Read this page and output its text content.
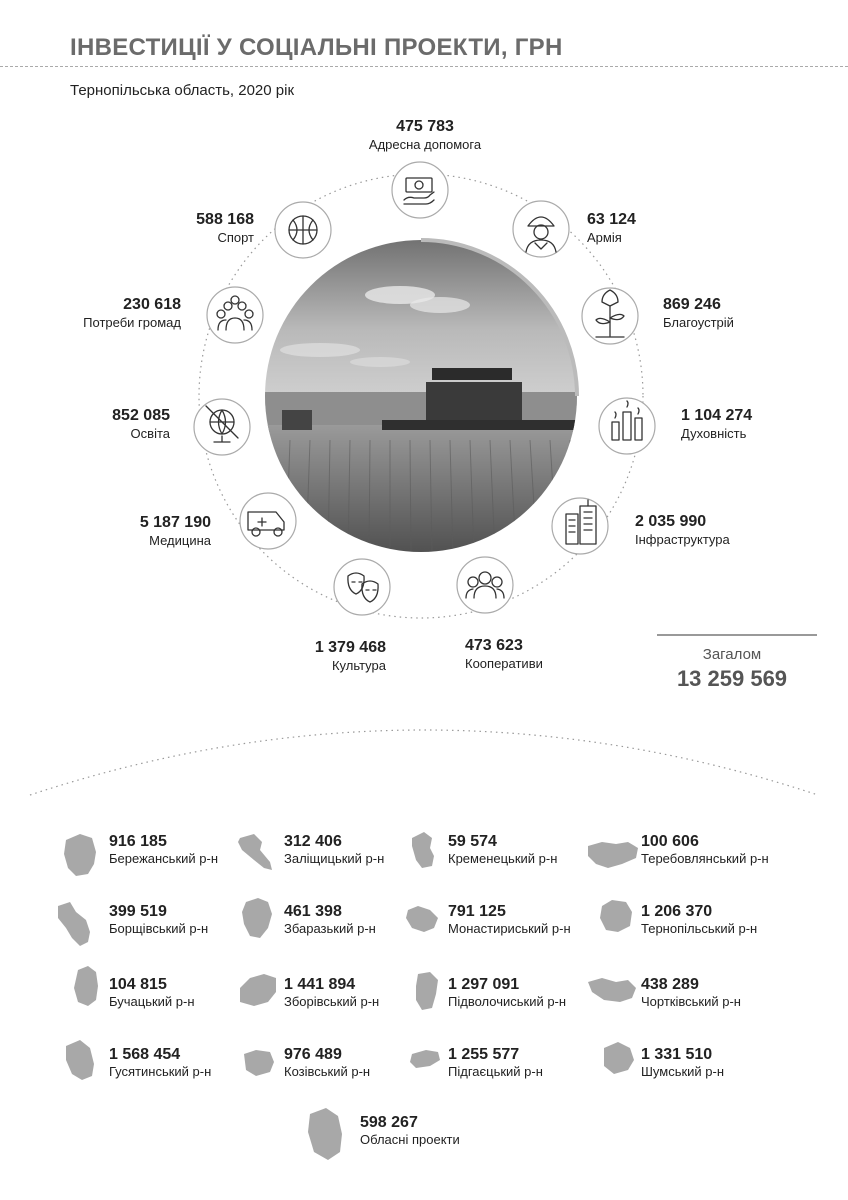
ІНВЕСТИЦІЇ У СОЦІАЛЬНІ ПРОЕКТИ, ГРН
Тернопільська область, 2020 рік
475 783
Адресна допомога
63 124
Армія
869 246
Благоустрій
1 104 274
Духовність
2 035 990
Інфраструктура
473 623
Кооперативи
1 379 468
Культура
5 187 190
Медицина
852 085
Освіта
230 618
Потреби громад
588 168
Спорт
Загалом
13 259 569
916 185
Бережанський р-н
312 406
Заліщицький р-н
59 574
Кременецький р-н
100 606
Теребовлянський р-н
399 519
Борщівський р-н
461 398
Збаразький р-н
791 125
Монастириський р-н
1 206 370
Тернопільський р-н
104 815
Бучацький р-н
1 441 894
Зборівський р-н
1 297 091
Підволочиський р-н
438 289
Чортківський р-н
1 568 454
Гусятинський р-н
976 489
Козівський р-н
1 255 577
Підгаєцький р-н
1 331 510
Шумський р-н
598 267
Обласні проекти
